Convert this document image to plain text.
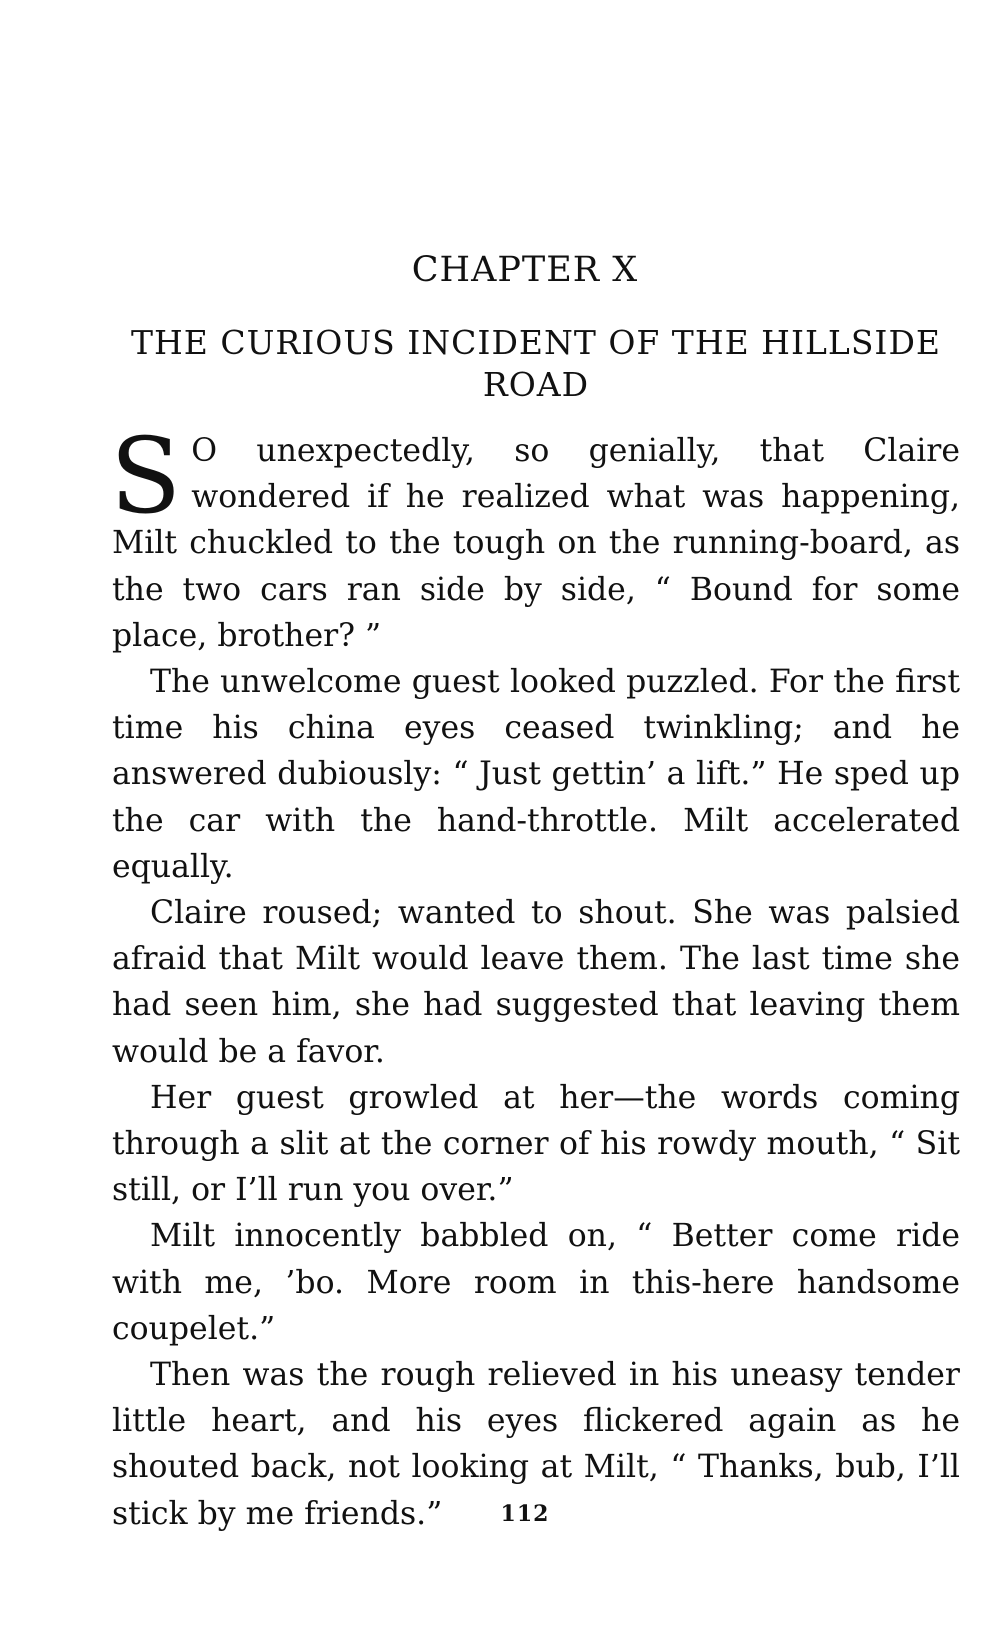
CHAPTER X
THE CURIOUS INCIDENT OF THE HILLSIDE ROAD

S O unexpectedly, so genially, that Claire wondered if he realized what was happening, Milt chuckled to the tough on the running-board, as the two cars ran side by side, “ Bound for some place, brother? ”

The unwelcome guest looked puzzled. For the first time his china eyes ceased twinkling; and he answered dubiously: “ Just gettin’ a lift.” He sped up the car with the hand-throttle. Milt accelerated equally.

Claire roused; wanted to shout. She was palsied afraid that Milt would leave them. The last time she had seen him, she had suggested that leaving them would be a favor.

Her guest growled at her—the words coming through a slit at the corner of his rowdy mouth, “ Sit still, or I’ll run you over.”

Milt innocently babbled on, “ Better come ride with me, ’bo. More room in this-here handsome coupelet.”

Then was the rough relieved in his uneasy tender little heart, and his eyes flickered again as he shouted back, not looking at Milt, “ Thanks, bub, I’ll stick by me friends.”	112
